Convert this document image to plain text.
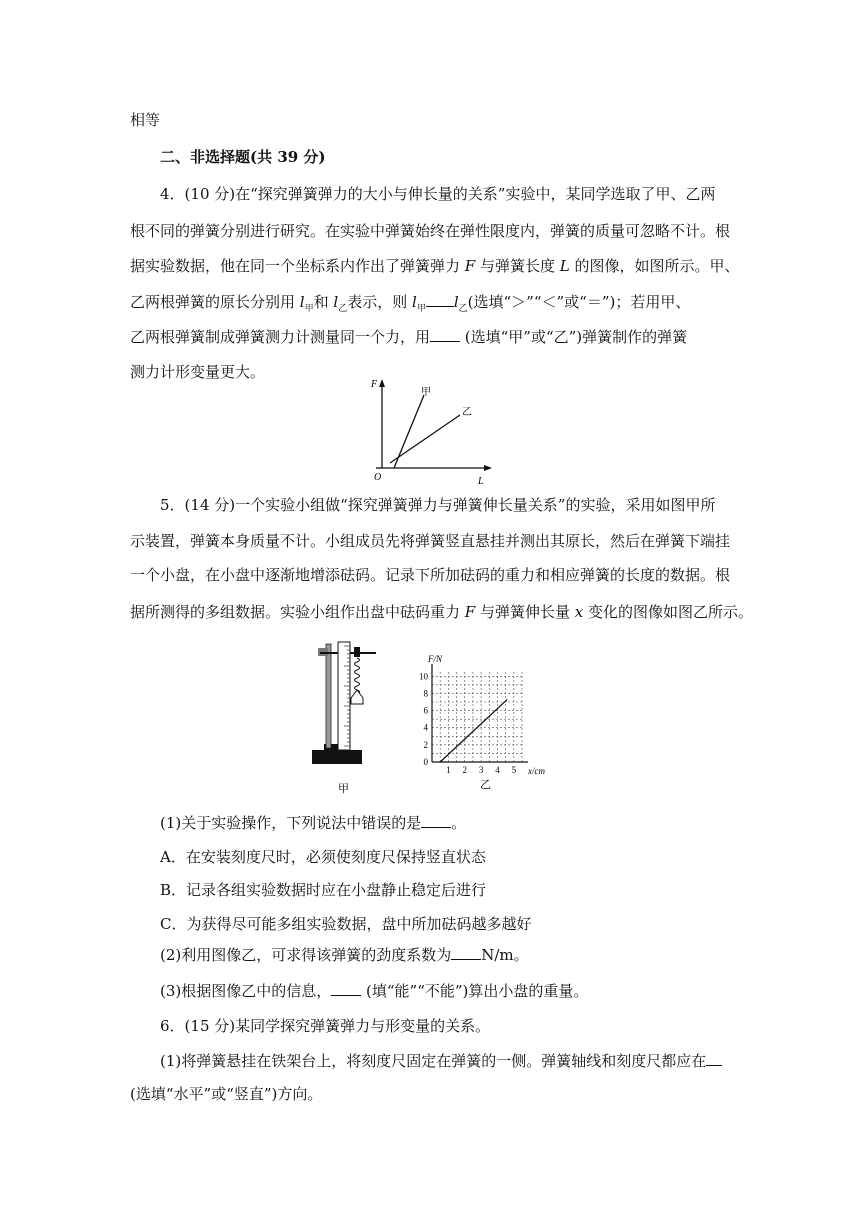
相等
二、非选择题(共 39 分)
4．(10 分)在“探究弹簧弹力的大小与伸长量的关系”实验中，某同学选取了甲、乙两
根不同的弹簧分别进行研究。在实验中弹簧始终在弹性限度内，弹簧的质量可忽略不计。根
据实验数据，他在同一个坐标系内作出了弹簧弹力 F 与弹簧长度 L 的图像，如图所示。甲、
乙两根弹簧的原长分别用 $l_甲$和 $l_乙$表示，则 $l_甲$ $l_乙$(选填“＞”“＜”或“＝”)；若用甲、
乙两根弹簧制成弹簧测力计测量同一个力，用 (选填“甲”或“乙”)弹簧制作的弹簧
测力计形变量更大。
F
L
O
甲
乙
5．(14 分)一个实验小组做“探究弹簧弹力与弹簧伸长量关系”的实验，采用如图甲所
示装置，弹簧本身质量不计。小组成员先将弹簧竖直悬挂并测出其原长，然后在弹簧下端挂
一个小盘，在小盘中逐渐地增添砝码。记录下所加砝码的重力和相应弹簧的长度的数据。根
据所测得的多组数据。实验小组作出盘中砝码重力 F 与弹簧伸长量 x 变化的图像如图乙所示。
甲
0
2
4
6
8
10
1 2 3 4 5
F/N
x/cm
乙
(1)关于实验操作，下列说法中错误的是 。
A．在安装刻度尺时，必须使刻度尺保持竖直状态
B．记录各组实验数据时应在小盘静止稳定后进行
C．为获得尽可能多组实验数据，盘中所加砝码越多越好
(2)利用图像乙，可求得该弹簧的劲度系数为 N/m。
(3)根据图像乙中的信息， (填“能”“不能”)算出小盘的重量。
6．(15 分)某同学探究弹簧弹力与形变量的关系。
(1)将弹簧悬挂在铁架台上，将刻度尺固定在弹簧的一侧。弹簧轴线和刻度尺都应在
(选填“水平”或“竖直”)方向。
